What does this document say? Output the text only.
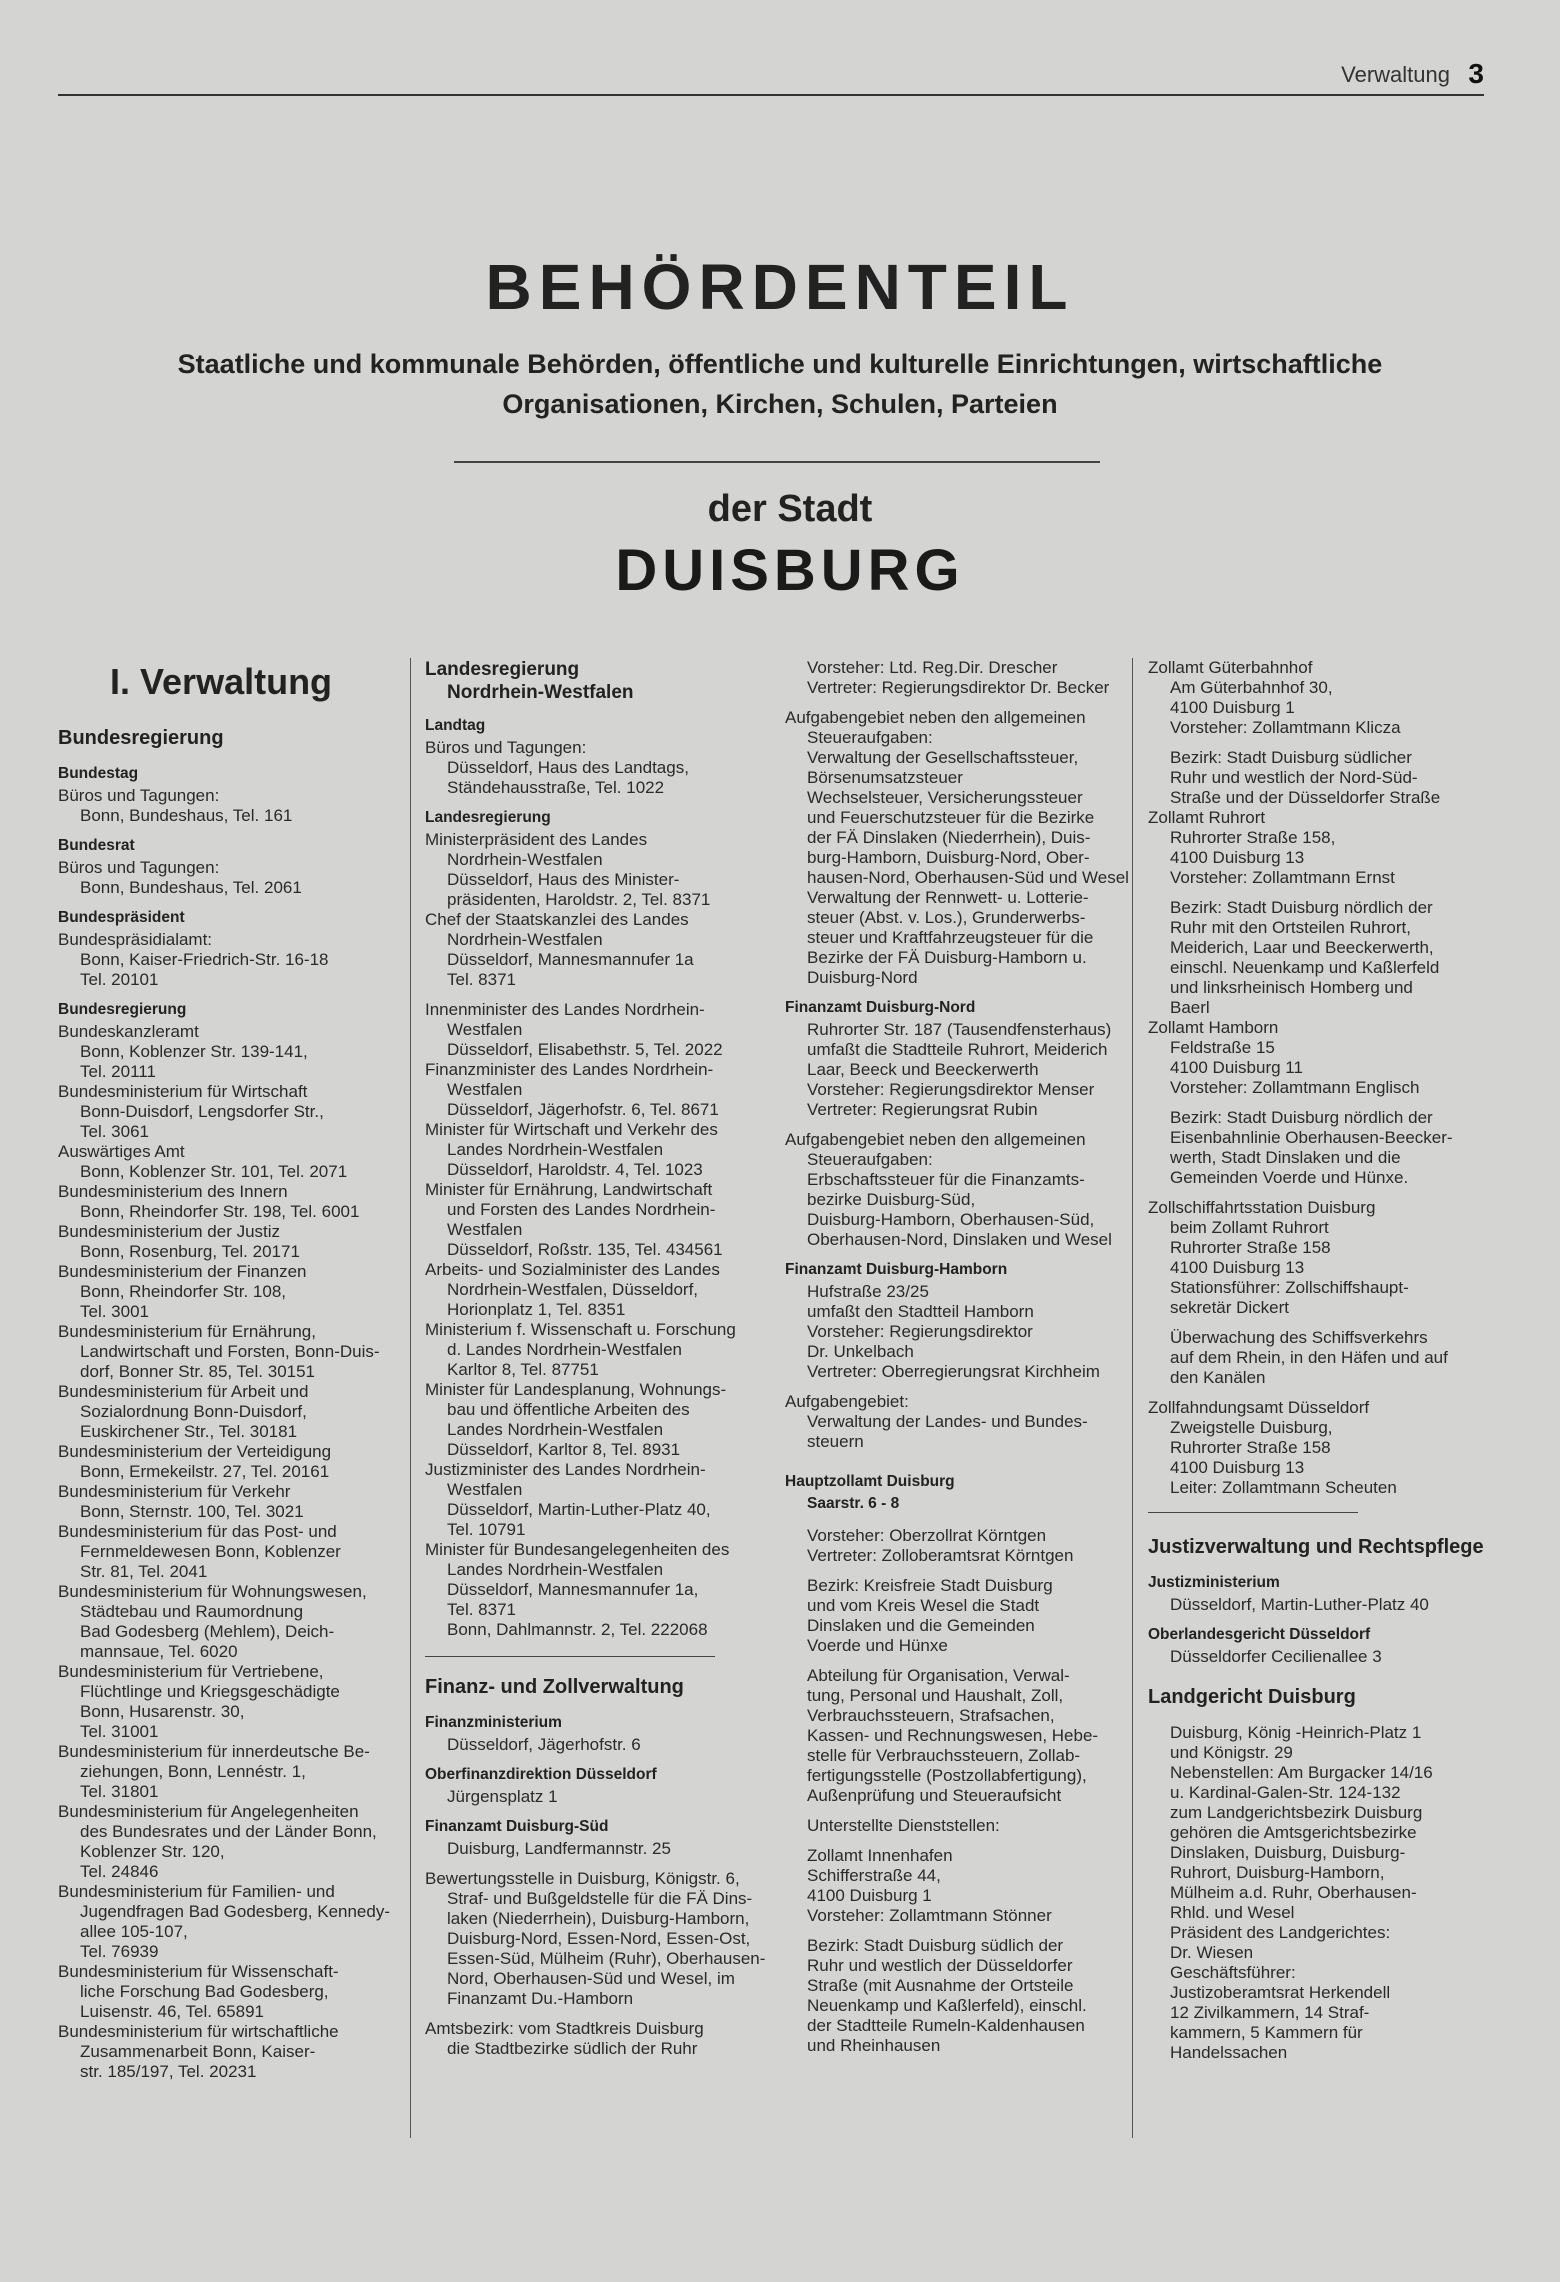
Verwaltung 3
BEHÖRDENTEIL
Staatliche und kommunale Behörden, öffentliche und kulturelle Einrichtungen, wirtschaftliche
Organisationen, Kirchen, Schulen, Parteien
der Stadt
DUISBURG
I. Verwaltung
Bundesregierung
Bundestag
Büros und Tagungen:
Bonn, Bundeshaus, Tel. 161
Bundesrat
Büros und Tagungen:
Bonn, Bundeshaus, Tel. 2061
Bundespräsident
Bundespräsidialamt:
Bonn, Kaiser-Friedrich-Str. 16-18
Tel. 20101
Bundesregierung
Bundeskanzleramt
Bonn, Koblenzer Str. 139-141,
Tel. 20111
Bundesministerium für Wirtschaft
Bonn-Duisdorf, Lengsdorfer Str.,
Tel. 3061
Auswärtiges Amt
Bonn, Koblenzer Str. 101, Tel. 2071
Bundesministerium des Innern
Bonn, Rheindorfer Str. 198, Tel. 6001
Bundesministerium der Justiz
Bonn, Rosenburg, Tel. 20171
Bundesministerium der Finanzen
Bonn, Rheindorfer Str. 108,
Tel. 3001
Bundesministerium für Ernährung,
Landwirtschaft und Forsten, Bonn-Duis-
dorf, Bonner Str. 85, Tel. 30151
Bundesministerium für Arbeit und
Sozialordnung Bonn-Duisdorf,
Euskirchener Str., Tel. 30181
Bundesministerium der Verteidigung
Bonn, Ermekeilstr. 27, Tel. 20161
Bundesministerium für Verkehr
Bonn, Sternstr. 100, Tel. 3021
Bundesministerium für das Post- und
Fernmeldewesen Bonn, Koblenzer
Str. 81, Tel. 2041
Bundesministerium für Wohnungswesen,
Städtebau und Raumordnung
Bad Godesberg (Mehlem), Deich-
mannsaue, Tel. 6020
Bundesministerium für Vertriebene,
Flüchtlinge und Kriegsgeschädigte
Bonn, Husarenstr. 30,
Tel. 31001
Bundesministerium für innerdeutsche Be-
ziehungen, Bonn, Lennéstr. 1,
Tel. 31801
Bundesministerium für Angelegenheiten
des Bundesrates und der Länder Bonn,
Koblenzer Str. 120,
Tel. 24846
Bundesministerium für Familien- und
Jugendfragen Bad Godesberg, Kennedy-
allee 105-107,
Tel. 76939
Bundesministerium für Wissenschaft-
liche Forschung Bad Godesberg,
Luisenstr. 46, Tel. 65891
Bundesministerium für wirtschaftliche
Zusammenarbeit Bonn, Kaiser-
str. 185/197, Tel. 20231
Landesregierung
Nordrhein-Westfalen
Landtag
Büros und Tagungen:
Düsseldorf, Haus des Landtags,
Ständehausstraße, Tel. 1022
Landesregierung
Ministerpräsident des Landes
Nordrhein-Westfalen
Düsseldorf, Haus des Minister-
präsidenten, Haroldstr. 2, Tel. 8371
Chef der Staatskanzlei des Landes
Nordrhein-Westfalen
Düsseldorf, Mannesmannufer 1a
Tel. 8371
Innenminister des Landes Nordrhein-
Westfalen
Düsseldorf, Elisabethstr. 5, Tel. 2022
Finanzminister des Landes Nordrhein-
Westfalen
Düsseldorf, Jägerhofstr. 6, Tel. 8671
Minister für Wirtschaft und Verkehr des
Landes Nordrhein-Westfalen
Düsseldorf, Haroldstr. 4, Tel. 1023
Minister für Ernährung, Landwirtschaft
und Forsten des Landes Nordrhein-
Westfalen
Düsseldorf, Roßstr. 135, Tel. 434561
Arbeits- und Sozialminister des Landes
Nordrhein-Westfalen, Düsseldorf,
Horionplatz 1, Tel. 8351
Ministerium f. Wissenschaft u. Forschung
d. Landes Nordrhein-Westfalen
Karltor 8, Tel. 87751
Minister für Landesplanung, Wohnungs-
bau und öffentliche Arbeiten des
Landes Nordrhein-Westfalen
Düsseldorf, Karltor 8, Tel. 8931
Justizminister des Landes Nordrhein-
Westfalen
Düsseldorf, Martin-Luther-Platz 40,
Tel. 10791
Minister für Bundesangelegenheiten des
Landes Nordrhein-Westfalen
Düsseldorf, Mannesmannufer 1a,
Tel. 8371
Bonn, Dahlmannstr. 2, Tel. 222068
Finanz- und Zollverwaltung
Finanzministerium
Düsseldorf, Jägerhofstr. 6
Oberfinanzdirektion Düsseldorf
Jürgensplatz 1
Finanzamt Duisburg-Süd
Duisburg, Landfermannstr. 25
Bewertungsstelle in Duisburg, Königstr. 6,
Straf- und Bußgeldstelle für die FÄ Dins-
laken (Niederrhein), Duisburg-Hamborn,
Duisburg-Nord, Essen-Nord, Essen-Ost,
Essen-Süd, Mülheim (Ruhr), Oberhausen-
Nord, Oberhausen-Süd und Wesel, im
Finanzamt Du.-Hamborn
Amtsbezirk: vom Stadtkreis Duisburg
die Stadtbezirke südlich der Ruhr
Vorsteher: Ltd. Reg.Dir. Drescher
Vertreter: Regierungsdirektor Dr. Becker
Aufgabengebiet neben den allgemeinen
Steueraufgaben:
Verwaltung der Gesellschaftssteuer,
Börsenumsatzsteuer
Wechselsteuer, Versicherungssteuer
und Feuerschutzsteuer für die Bezirke
der FÄ Dinslaken (Niederrhein), Duis-
burg-Hamborn, Duisburg-Nord, Ober-
hausen-Nord, Oberhausen-Süd und Wesel
Verwaltung der Rennwett- u. Lotterie-
steuer (Abst. v. Los.), Grunderwerbs-
steuer und Kraftfahrzeugsteuer für die
Bezirke der FÄ Duisburg-Hamborn u.
Duisburg-Nord
Finanzamt Duisburg-Nord
Ruhrorter Str. 187 (Tausendfensterhaus)
umfaßt die Stadtteile Ruhrort, Meiderich
Laar, Beeck und Beeckerwerth
Vorsteher: Regierungsdirektor Menser
Vertreter: Regierungsrat Rubin
Aufgabengebiet neben den allgemeinen
Steueraufgaben:
Erbschaftssteuer für die Finanzamts-
bezirke Duisburg-Süd,
Duisburg-Hamborn, Oberhausen-Süd,
Oberhausen-Nord, Dinslaken und Wesel
Finanzamt Duisburg-Hamborn
Hufstraße 23/25
umfaßt den Stadtteil Hamborn
Vorsteher: Regierungsdirektor
Dr. Unkelbach
Vertreter: Oberregierungsrat Kirchheim
Aufgabengebiet:
Verwaltung der Landes- und Bundes-
steuern
Hauptzollamt Duisburg
Saarstr. 6 - 8
Vorsteher: Oberzollrat Körntgen
Vertreter: Zolloberamtsrat Körntgen
Bezirk: Kreisfreie Stadt Duisburg
und vom Kreis Wesel die Stadt
Dinslaken und die Gemeinden
Voerde und Hünxe
Abteilung für Organisation, Verwal-
tung, Personal und Haushalt, Zoll,
Verbrauchssteuern, Strafsachen,
Kassen- und Rechnungswesen, Hebe-
stelle für Verbrauchssteuern, Zollab-
fertigungsstelle (Postzollabfertigung),
Außenprüfung und Steueraufsicht
Unterstellte Dienststellen:
Zollamt Innenhafen
Schifferstraße 44,
4100 Duisburg 1
Vorsteher: Zollamtmann Stönner
Bezirk: Stadt Duisburg südlich der
Ruhr und westlich der Düsseldorfer
Straße (mit Ausnahme der Ortsteile
Neuenkamp und Kaßlerfeld), einschl.
der Stadtteile Rumeln-Kaldenhausen
und Rheinhausen
Zollamt Güterbahnhof
Am Güterbahnhof 30,
4100 Duisburg 1
Vorsteher: Zollamtmann Klicza
Bezirk: Stadt Duisburg südlicher
Ruhr und westlich der Nord-Süd-
Straße und der Düsseldorfer Straße
Zollamt Ruhrort
Ruhrorter Straße 158,
4100 Duisburg 13
Vorsteher: Zollamtmann Ernst
Bezirk: Stadt Duisburg nördlich der
Ruhr mit den Ortsteilen Ruhrort,
Meiderich, Laar und Beeckerwerth,
einschl. Neuenkamp und Kaßlerfeld
und linksrheinisch Homberg und
Baerl
Zollamt Hamborn
Feldstraße 15
4100 Duisburg 11
Vorsteher: Zollamtmann Englisch
Bezirk: Stadt Duisburg nördlich der
Eisenbahnlinie Oberhausen-Beecker-
werth, Stadt Dinslaken und die
Gemeinden Voerde und Hünxe.
Zollschiffahrtsstation Duisburg
beim Zollamt Ruhrort
Ruhrorter Straße 158
4100 Duisburg 13
Stationsführer: Zollschiffshaupt-
sekretär Dickert
Überwachung des Schiffsverkehrs
auf dem Rhein, in den Häfen und auf
den Kanälen
Zollfahndungsamt Düsseldorf
Zweigstelle Duisburg,
Ruhrorter Straße 158
4100 Duisburg 13
Leiter: Zollamtmann Scheuten
Justizverwaltung und Rechtspflege
Justizministerium
Düsseldorf, Martin-Luther-Platz 40
Oberlandesgericht Düsseldorf
Düsseldorfer Cecilienallee 3
Landgericht Duisburg
Duisburg, König -Heinrich-Platz 1
und Königstr. 29
Nebenstellen: Am Burgacker 14/16
u. Kardinal-Galen-Str. 124-132
zum Landgerichtsbezirk Duisburg
gehören die Amtsgerichtsbezirke
Dinslaken, Duisburg, Duisburg-
Ruhrort, Duisburg-Hamborn,
Mülheim a.d. Ruhr, Oberhausen-
Rhld. und Wesel
Präsident des Landgerichtes:
Dr. Wiesen
Geschäftsführer:
Justizoberamtsrat Herkendell
12 Zivilkammern, 14 Straf-
kammern, 5 Kammern für
Handelssachen
